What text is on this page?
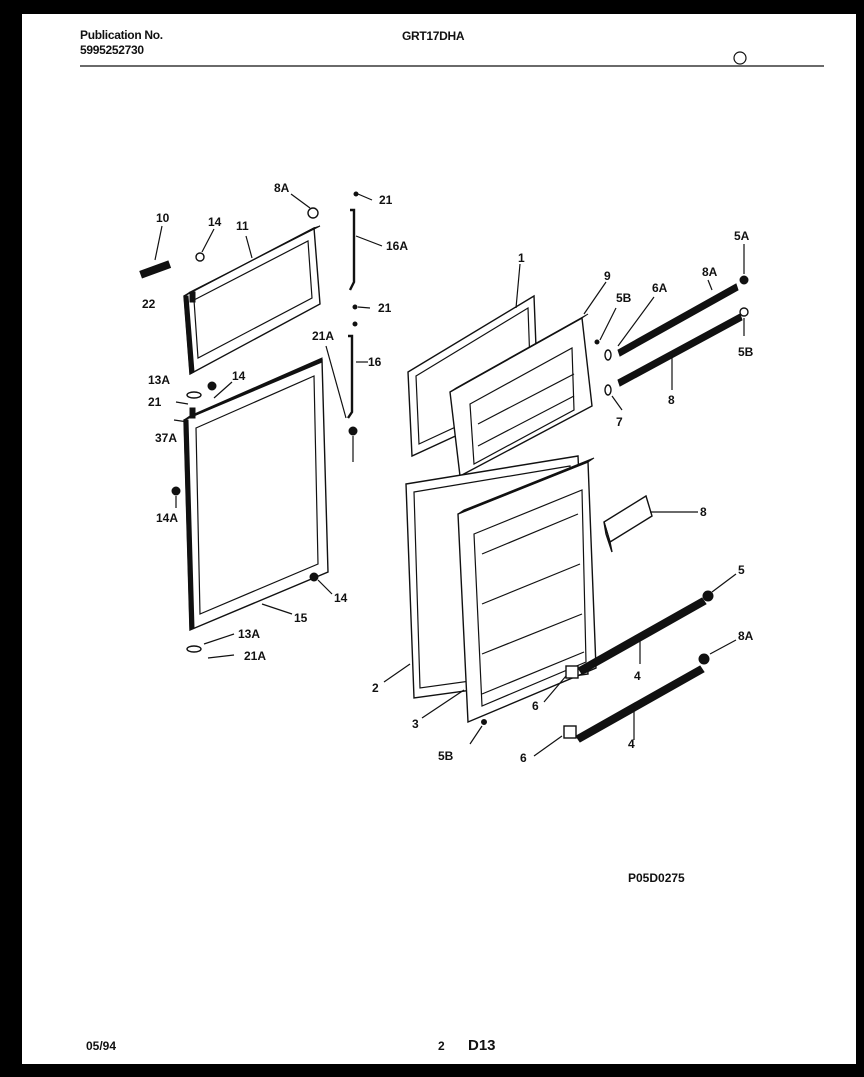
Publication No.
5995252730
GRT17DHA
10	14 11
8A
21
16A
22	21
21A
16
13A	14
21
37A
14A
14
15
13A
21A
1
9
5B
6A
8A
5A
5B
8
7
8
5
8A
4
6
2
3
4
5B	6
P05D0275
05/94	2 D13
